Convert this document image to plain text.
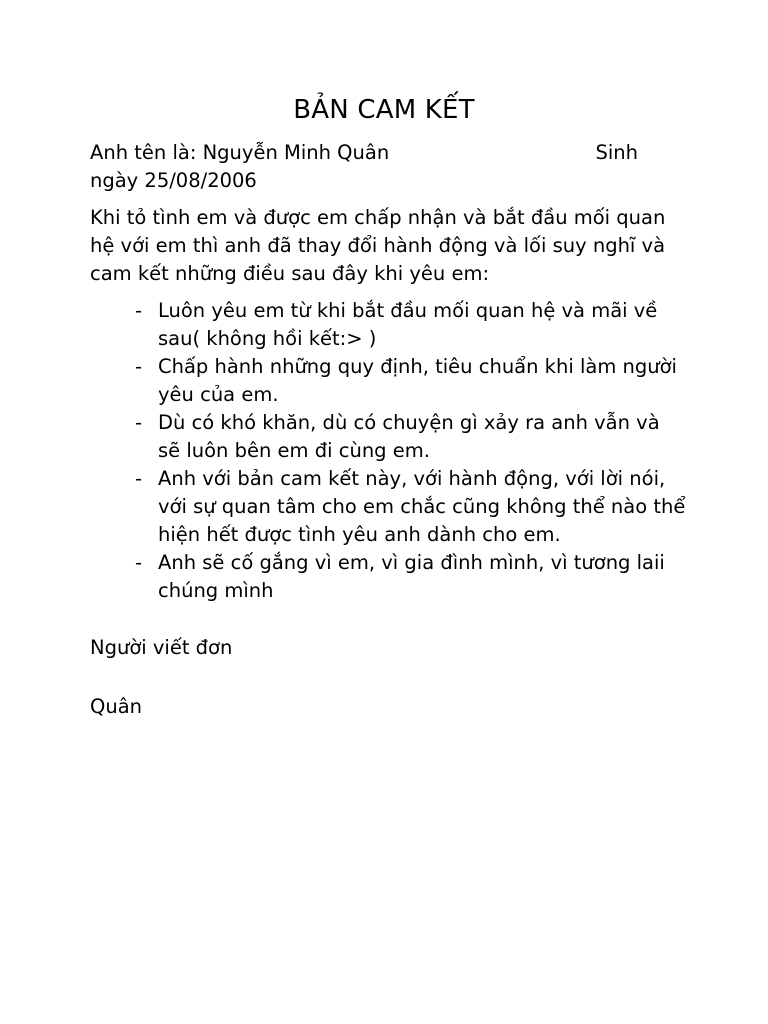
BẢN CAM KẾT
Anh tên là: Nguyễn Minh Quân	Sinh
ngày 25/08/2006
Khi tỏ tình em và được em chấp nhận và bắt đầu mối quan hệ với em thì anh đã thay đổi hành động và lối suy nghĩ và cam kết những điều sau đây khi yêu em:
- Luôn yêu em từ khi bắt đầu mối quan hệ và mãi về sau( không hồi kết:> )
- Chấp hành những quy định, tiêu chuẩn khi làm người yêu của em.
- Dù có khó khăn, dù có chuyện gì xảy ra anh vẫn và sẽ luôn bên em đi cùng em.
- Anh với bản cam kết này, với hành động, với lời nói, với sự quan tâm cho em chắc cũng không thể nào thể hiện hết được tình yêu anh dành cho em.
- Anh sẽ cố gắng vì em, vì gia đình mình, vì tương laii chúng mình
Người viết đơn
Quân
